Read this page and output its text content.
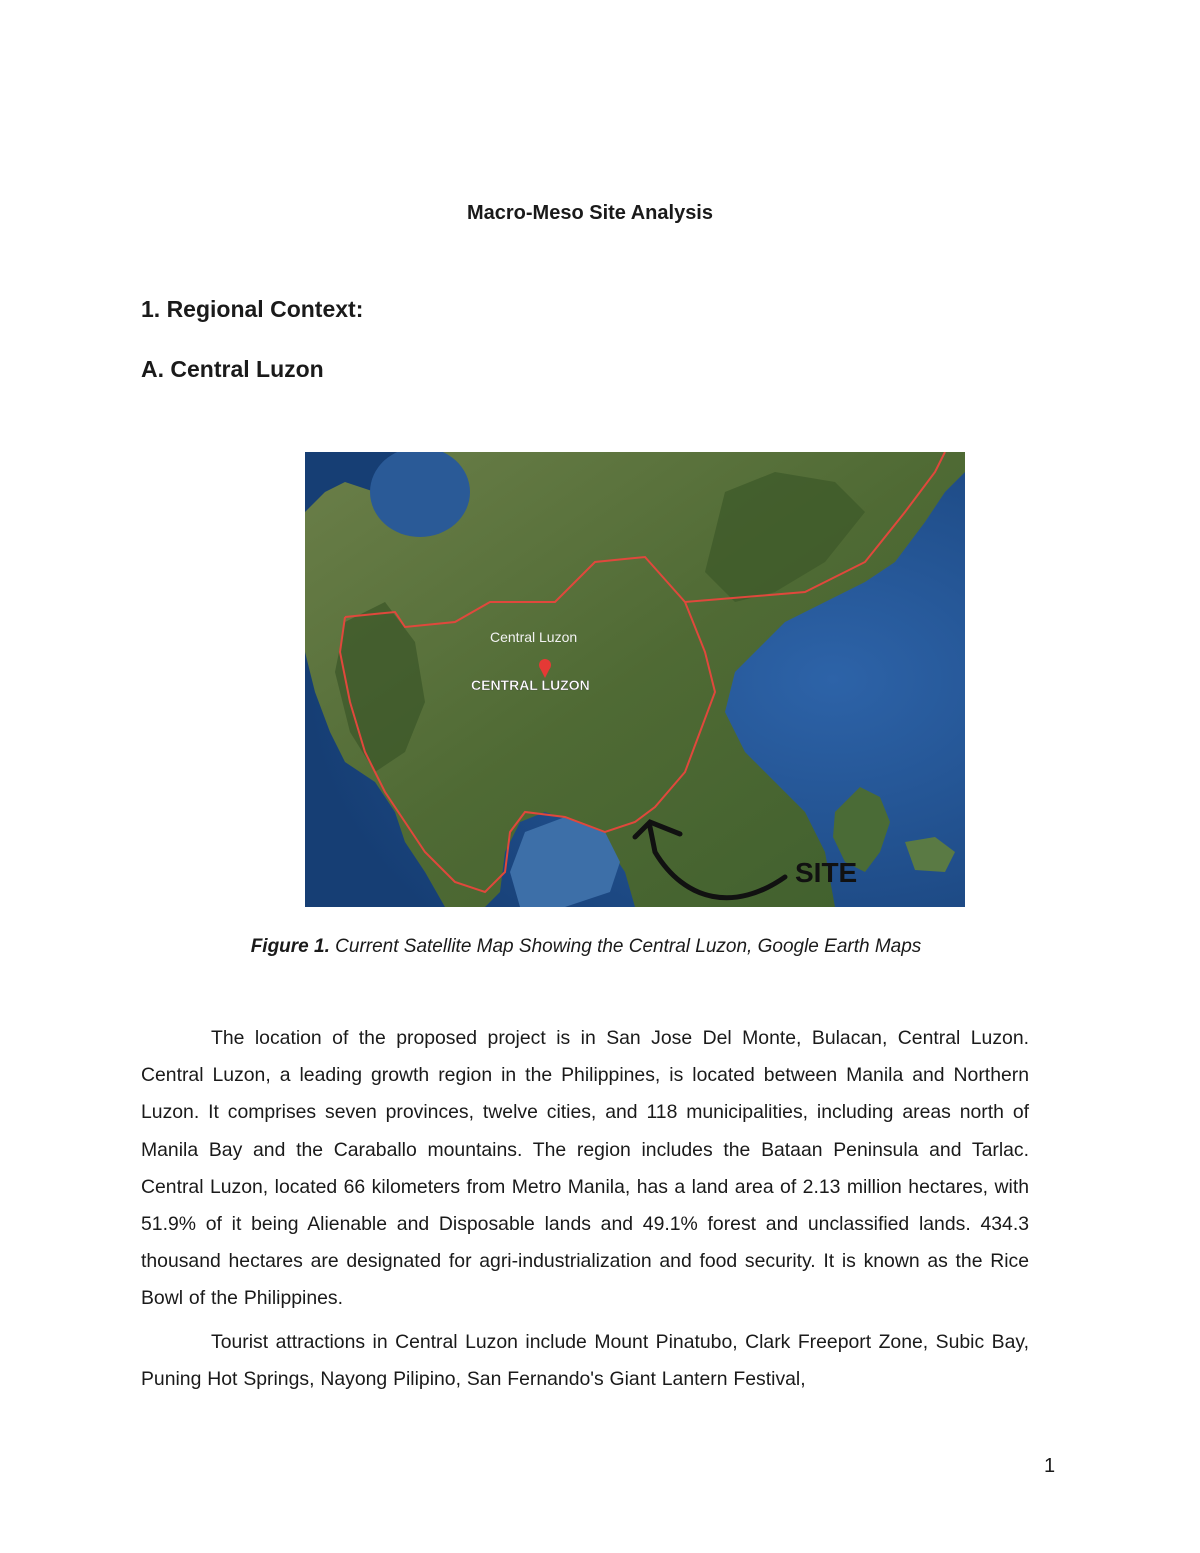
Macro-Meso Site Analysis
1. Regional Context:
A. Central Luzon
Central Luzon
CENTRAL LUZON
SITE
Figure 1. Current Satellite Map Showing the Central Luzon, Google Earth Maps

The location of the proposed project is in San Jose Del Monte, Bulacan, Central Luzon. Central Luzon, a leading growth region in the Philippines, is located between Manila and Northern Luzon. It comprises seven provinces, twelve cities, and 118 municipalities, including areas north of Manila Bay and the Caraballo mountains. The region includes the Bataan Peninsula and Tarlac. Central Luzon, located 66 kilometers from Metro Manila, has a land area of 2.13 million hectares, with 51.9% of it being Alienable and Disposable lands and 49.1% forest and unclassified lands. 434.3 thousand hectares are designated for agri-industrialization and food security. It is known as the Rice Bowl of the Philippines.

Tourist attractions in Central Luzon include Mount Pinatubo, Clark Freeport Zone, Subic Bay, Puning Hot Springs, Nayong Pilipino, San Fernando's Giant Lantern Festival,

1
